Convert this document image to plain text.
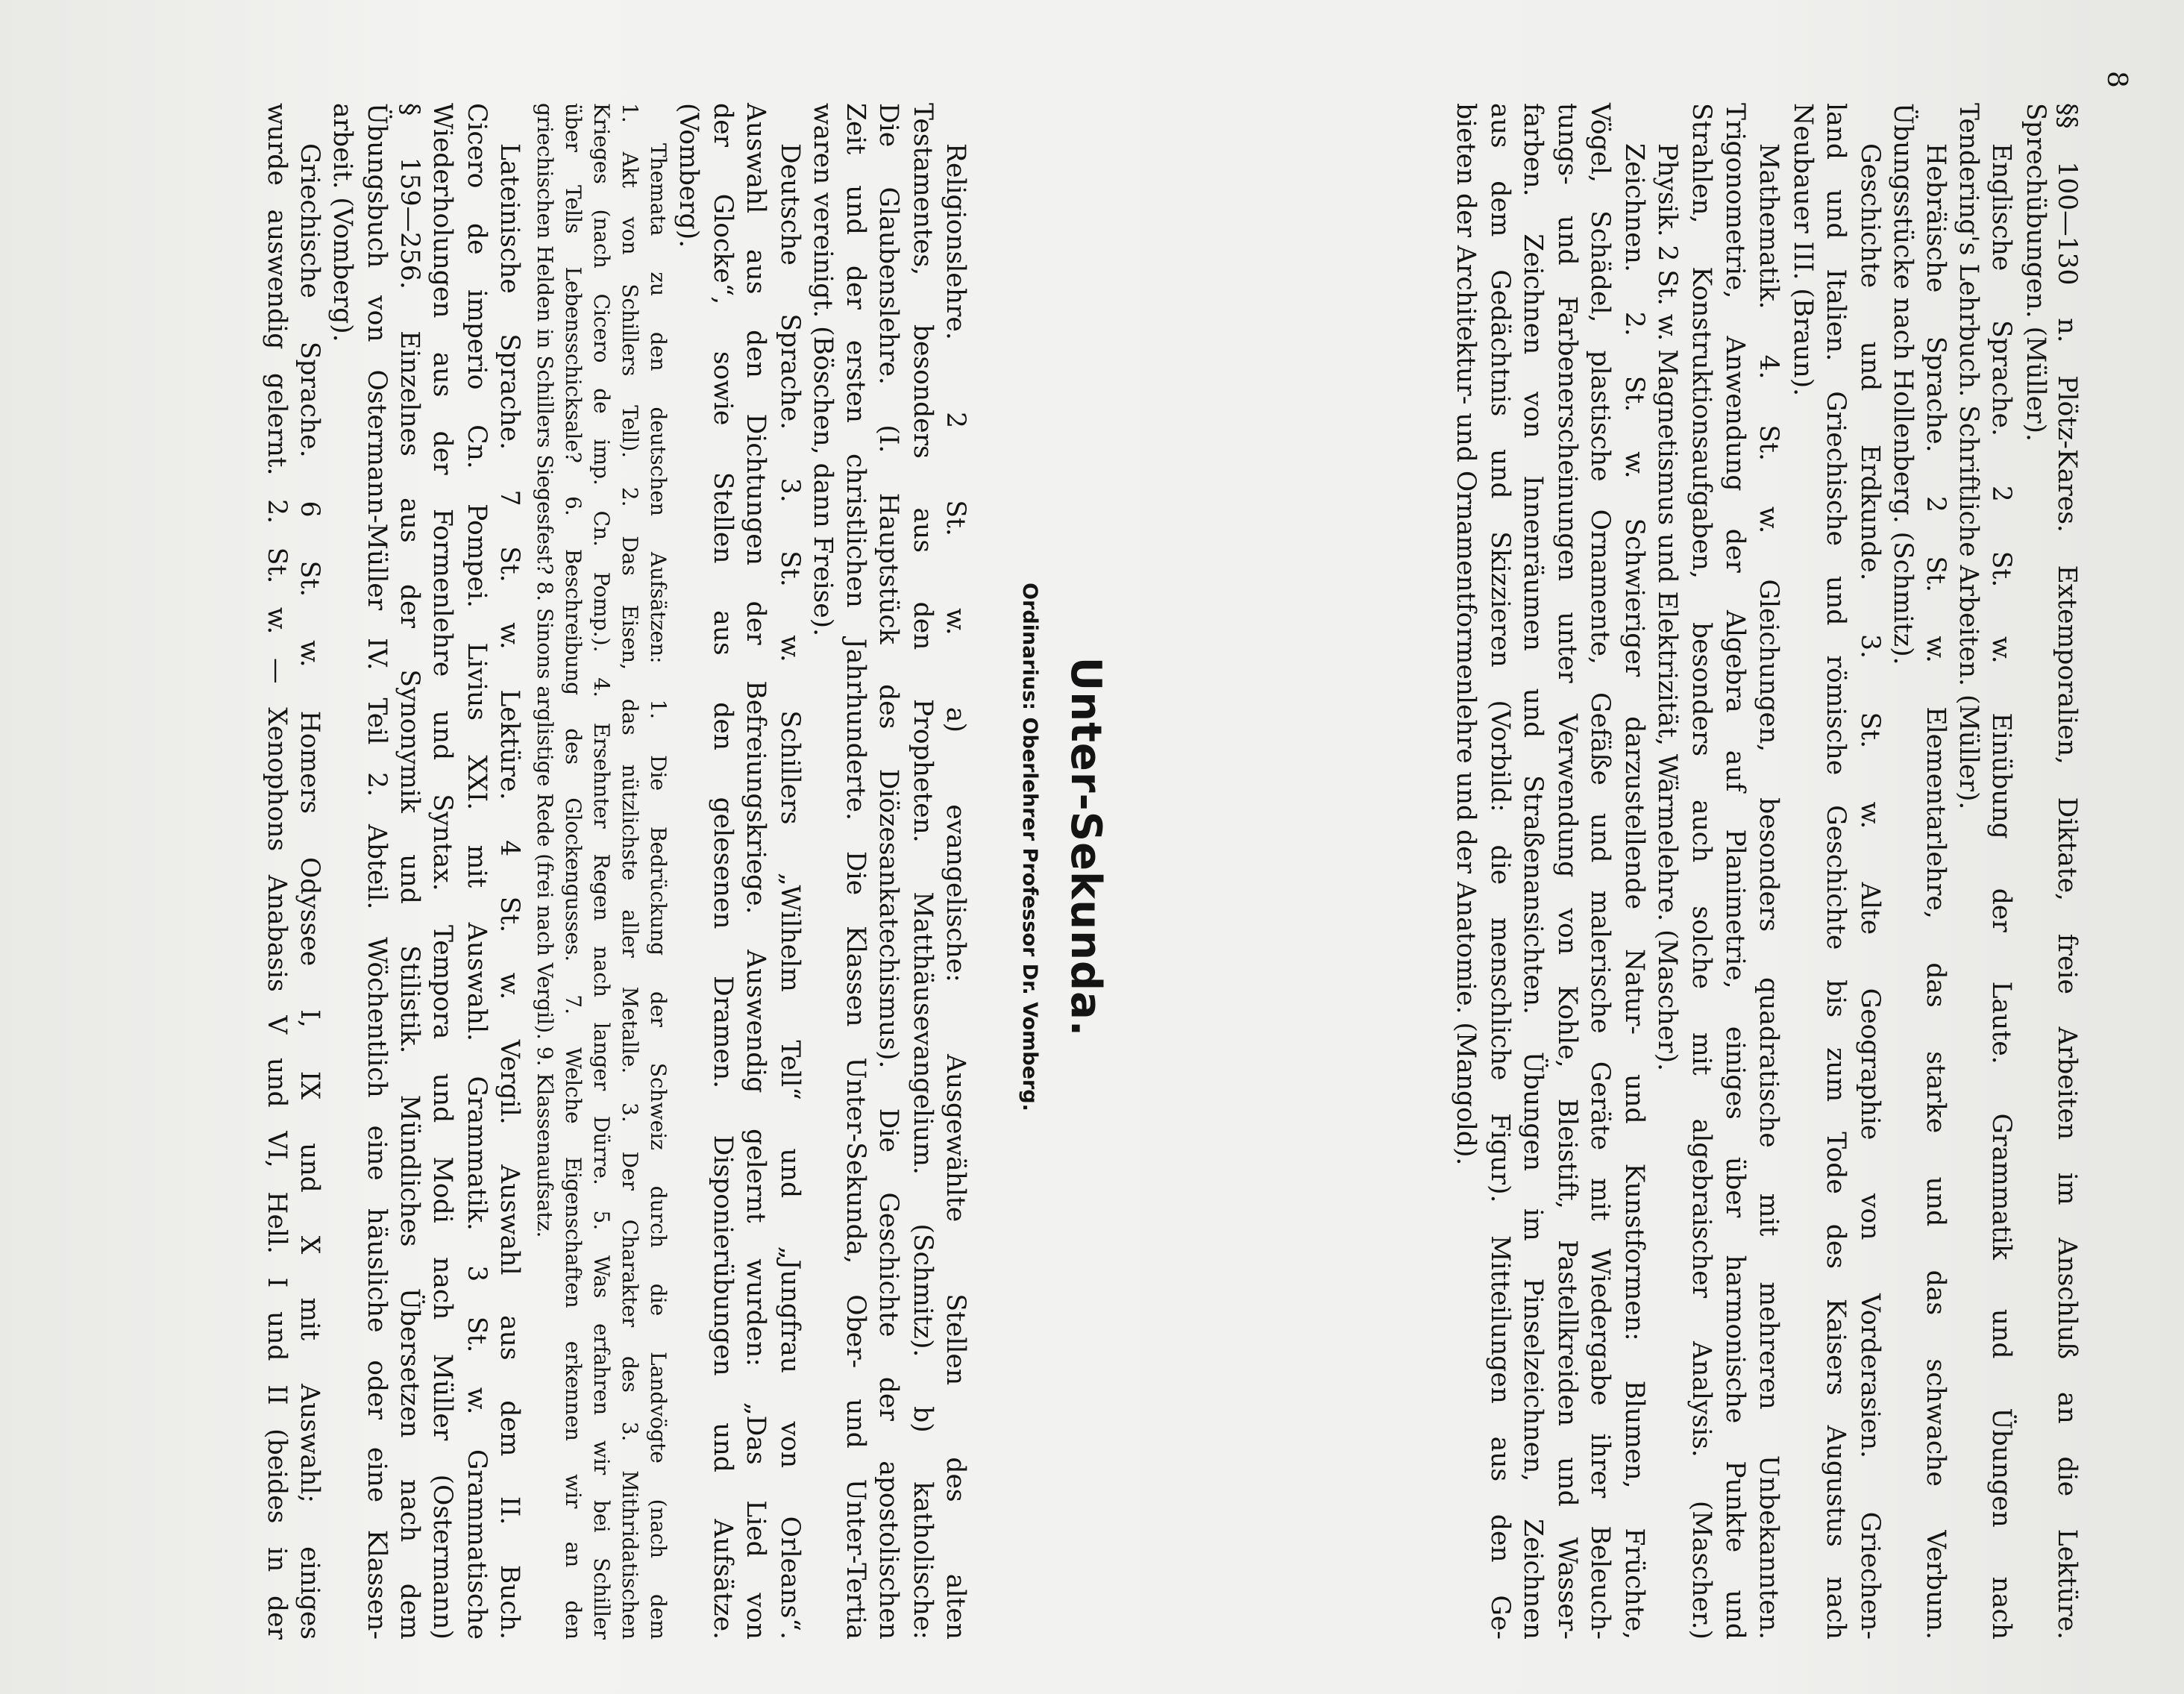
8
§§ 100—130 n. Plötz-Kares. Extemporalien, Diktate, freie Arbeiten im Anschluß an die Lektüre.
Sprechübungen. (Müller).
Englische Sprache. 2 St. w. Einübung der Laute. Grammatik und Übungen nach
Tendering's Lehrbuch. Schriftliche Arbeiten. (Müller).
Hebräische Sprache. 2 St. w. Elementarlehre, das starke und das schwache Verbum.
Übungsstücke nach Hollenberg. (Schmitz).
Geschichte und Erdkunde. 3. St. w. Alte Geographie von Vorderasien. Griechen-
land und Italien. Griechische und römische Geschichte bis zum Tode des Kaisers Augustus nach
Neubauer III. (Braun).
Mathematik. 4. St. w. Gleichungen, besonders quadratische mit mehreren Unbekannten.
Trigonometrie, Anwendung der Algebra auf Planimetrie, einiges über harmonische Punkte und
Strahlen, Konstruktionsaufgaben, besonders auch solche mit algebraischer Analysis. (Mascher.)
Physik. 2 St. w. Magnetismus und Elektrizität, Wärmelehre. (Mascher).
Zeichnen. 2. St. w. Schwieriger darzustellende Natur- und Kunstformen: Blumen, Früchte,
Vögel, Schädel, plastische Ornamente, Gefäße und malerische Geräte mit Wiedergabe ihrer Beleuch-
tungs- und Farbenerscheinungen unter Verwendung von Kohle, Bleistift, Pastellkreiden und Wasser-
farben. Zeichnen von Innenräumen und Straßenansichten. Übungen im Pinselzeichnen, Zeichnen
aus dem Gedächtnis und Skizzieren (Vorbild: die menschliche Figur). Mitteilungen aus den Ge-
bieten der Architektur- und Ornamentformenlehre und der Anatomie. (Mangold).
Unter-Sekunda.
Ordinarius: Oberlehrer Professor Dr. Vomberg.
Religionslehre. 2 St. w. a) evangelische: Ausgewählte Stellen des alten
Testamentes, besonders aus den Propheten. Matthäusevangelium. (Schmitz). b) katholische:
Die Glaubenslehre. (I. Hauptstück des Diözesankatechismus). Die Geschichte der apostolischen
Zeit und der ersten christlichen Jahrhunderte. Die Klassen Unter-Sekunda, Ober- und Unter-Tertia
waren vereinigt. (Böschen, dann Freise).
Deutsche Sprache. 3. St. w. Schillers „Wilhelm Tell“ und „Jungfrau von Orleans“.
Auswahl aus den Dichtungen der Befreiungskriege. Auswendig gelernt wurden: „Das Lied von
der Glocke“, sowie Stellen aus den gelesenen Dramen. Disponierübungen und Aufsätze.
(Vomberg).
Themata zu den deutschen Aufsätzen: 1. Die Bedrückung der Schweiz durch die Landvögte (nach dem
1. Akt von Schillers Tell). 2. Das Eisen, das nützlichste aller Metalle. 3. Der Charakter des 3. Mithridatischen
Krieges (nach Cicero de imp. Cn. Pomp.). 4. Ersehnter Regen nach langer Dürre. 5. Was erfahren wir bei Schiller
über Tells Lebensschicksale? 6. Beschreibung des Glockengusses. 7. Welche Eigenschaften erkennen wir an den
griechischen Helden in Schillers Siegesfest? 8. Sinons arglistige Rede (frei nach Vergil). 9. Klassenaufsatz.
Lateinische Sprache. 7 St. w. Lektüre. 4 St. w. Vergil. Auswahl aus dem II. Buch.
Cicero de imperio Cn. Pompei. Livius XXI. mit Auswahl. Grammatik. 3 St. w. Grammatische
Wiederholungen aus der Formenlehre und Syntax. Tempora und Modi nach Müller (Ostermann)
§ 159—256. Einzelnes aus der Synonymik und Stilistik. Mündliches Übersetzen nach dem
Übungsbuch von Ostermann-Müller IV. Teil 2. Abteil. Wöchentlich eine häusliche oder eine Klassen-
arbeit. (Vomberg).
Griechische Sprache. 6 St. w. Homers Odyssee I, IX und X mit Auswahl; einiges
wurde auswendig gelernt. 2. St. w. — Xenophons Anabasis V und VI, Hell. I und II (beides in der
